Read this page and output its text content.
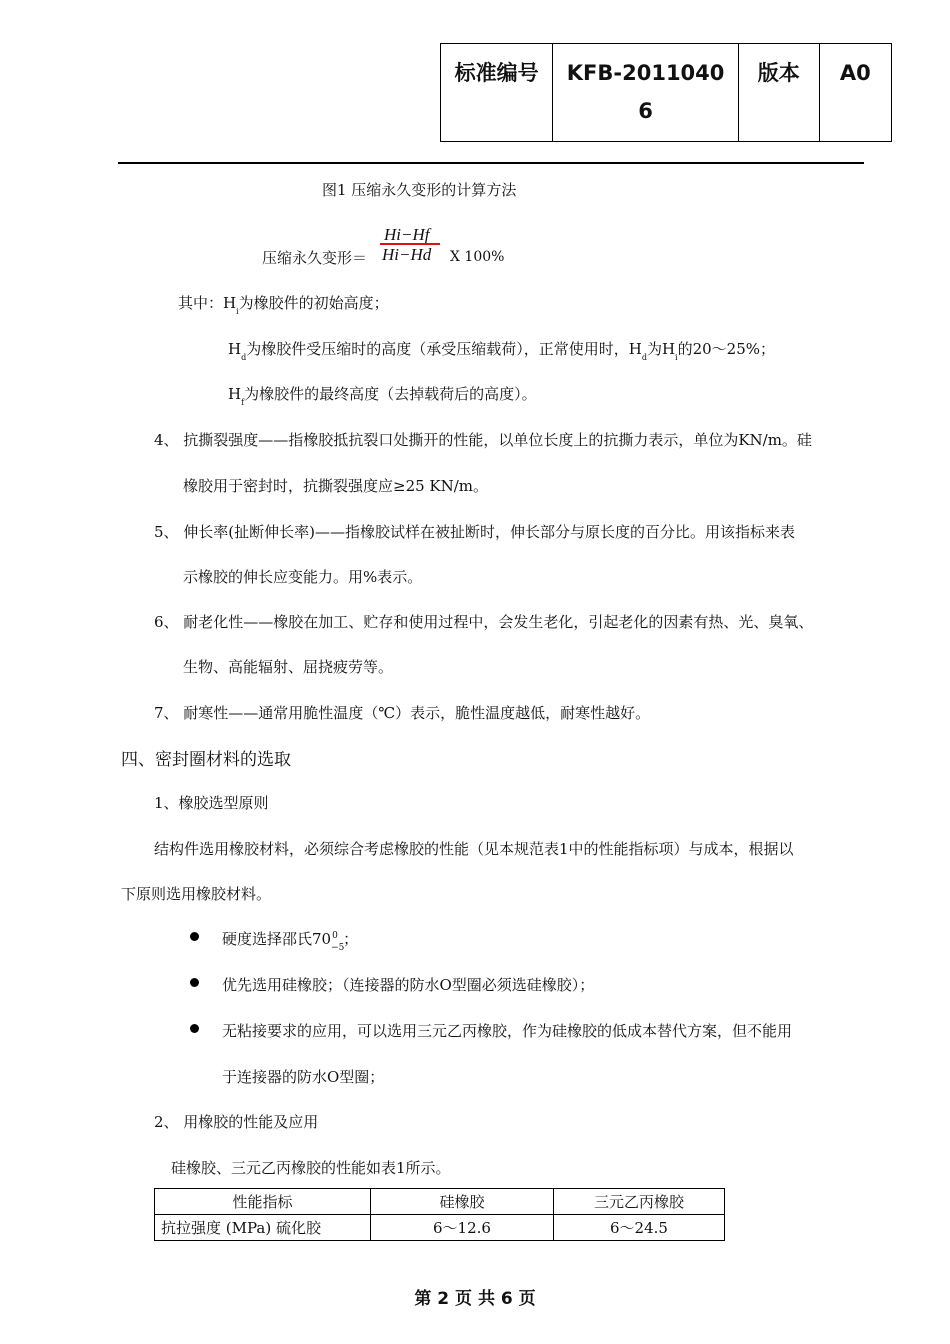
标准编号	KFB-20110406	版本	A0
图1 压缩永久变形的计算方法
压缩永久变形＝
Hi−Hf
Hi−Hd X 100%
其中：$H_i$为橡胶件的初始高度；
$H_d$为橡胶件受压缩时的高度（承受压缩载荷），正常使用时，$H_d$为$H_i$的20～25%；
$H_f$为橡胶件的最终高度（去掉载荷后的高度）。
4、 抗撕裂强度——指橡胶抵抗裂口处撕开的性能，以单位长度上的抗撕力表示，单位为KN/m。硅
橡胶用于密封时，抗撕裂强度应≥25 KN/m。
5、 伸长率(扯断伸长率)——指橡胶试样在被扯断时，伸长部分与原长度的百分比。用该指标来表
示橡胶的伸长应变能力。用%表示。
6、 耐老化性——橡胶在加工、贮存和使用过程中，会发生老化，引起老化的因素有热、光、臭氧、
生物、高能辐射、屈挠疲劳等。
7、 耐寒性——通常用脆性温度（℃）表示，脆性温度越低，耐寒性越好。
四、密封圈材料的选取
1、橡胶选型原则
结构件选用橡胶材料，必须综合考虑橡胶的性能（见本规范表1中的性能指标项）与成本，根据以
下原则选用橡胶材料。
硬度选择邵氏70 0
−5
；
优先选用硅橡胶；（连接器的防水O型圈必须选硅橡胶）；
无粘接要求的应用，可以选用三元乙丙橡胶，作为硅橡胶的低成本替代方案，但不能用
于连接器的防水O型圈；
2、 用橡胶的性能及应用
硅橡胶、三元乙丙橡胶的性能如表1所示。
性能指标	硅橡胶	三元乙丙橡胶
抗拉强度 (MPa) 硫化胶	6～12.6	6～24.5
第 2 页 共 6 页
